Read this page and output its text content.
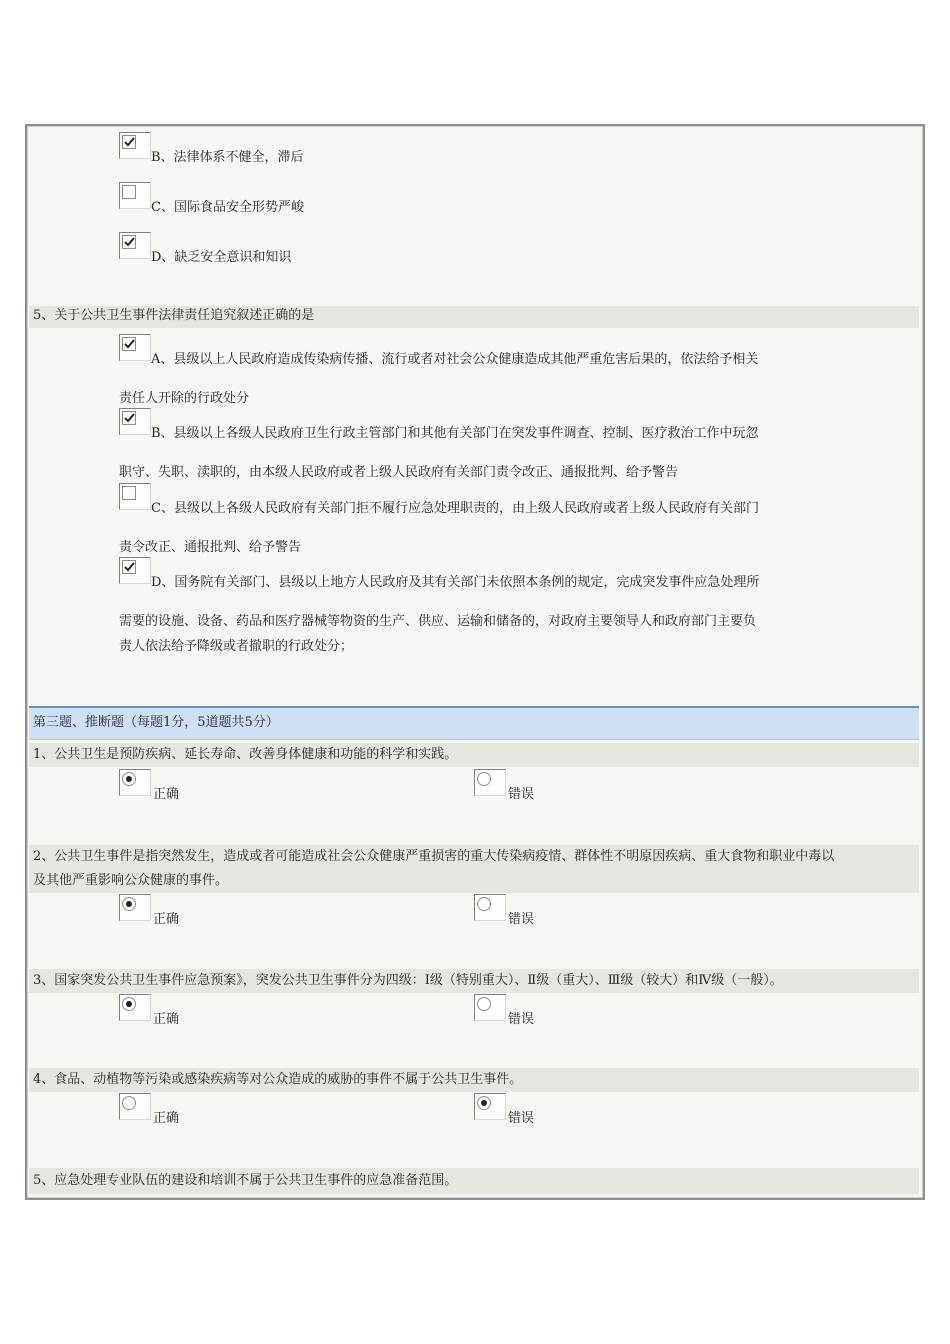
B、法律体系不健全，滞后
C、国际食品安全形势严峻
D、缺乏安全意识和知识
5、关于公共卫生事件法律责任追究叙述正确的是
A、县级以上人民政府造成传染病传播、流行或者对社会公众健康造成其他严重危害后果的，依法给予相关
责任人开除的行政处分
B、县级以上各级人民政府卫生行政主管部门和其他有关部门在突发事件调查、控制、医疗救治工作中玩忽
职守、失职、渎职的，由本级人民政府或者上级人民政府有关部门责令改正、通报批判、给予警告
C、县级以上各级人民政府有关部门拒不履行应急处理职责的，由上级人民政府或者上级人民政府有关部门
责令改正、通报批判、给予警告
D、国务院有关部门、县级以上地方人民政府及其有关部门未依照本条例的规定，完成突发事件应急处理所
需要的设施、设备、药品和医疗器械等物资的生产、供应、运输和储备的，对政府主要领导人和政府部门主要负
责人依法给予降级或者撤职的行政处分；
第三题、推断题（每题1分，5道题共5分）
1、公共卫生是预防疾病、延长寿命、改善身体健康和功能的科学和实践。
正确	错误
2、公共卫生事件是指突然发生，造成或者可能造成社会公众健康严重损害的重大传染病疫情、群体性不明原因疾病、重大食物和职业中毒以
及其他严重影响公众健康的事件。
正确	错误
3、国家突发公共卫生事件应急预案》，突发公共卫生事件分为四级：Ⅰ级（特别重大）、Ⅱ级（重大）、Ⅲ级（较大）和Ⅳ级（一般）。
正确	错误
4、食品、动植物等污染或感染疾病等对公众造成的威胁的事件不属于公共卫生事件。
正确	错误
5、应急处理专业队伍的建设和培训不属于公共卫生事件的应急准备范围。
